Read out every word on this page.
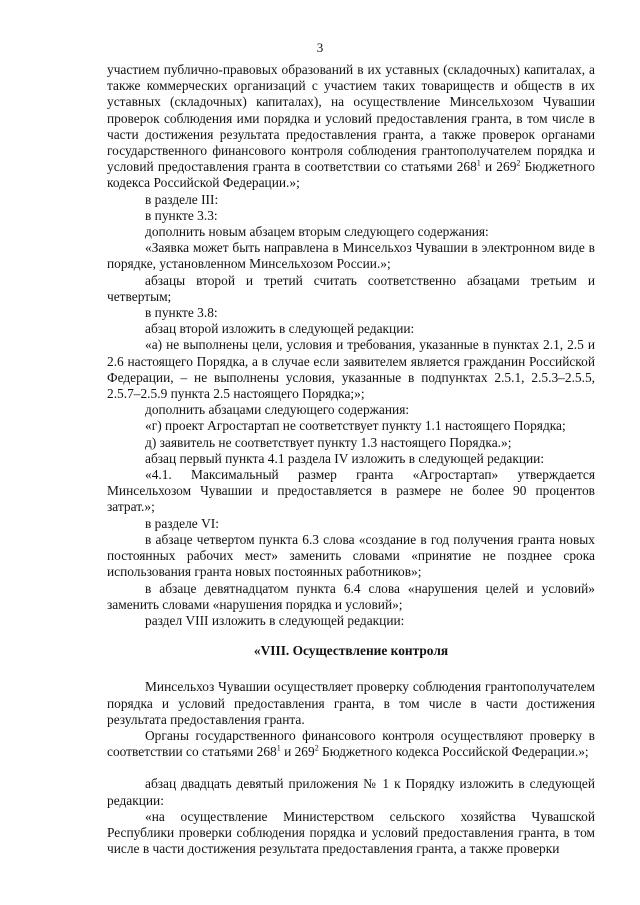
3

участием публично-правовых образований в их уставных (складочных) капиталах, а также коммерческих организаций с участием таких товариществ и обществ в их уставных (складочных) капиталах), на осуществление Минсельхозом Чувашии проверок соблюдения ими порядка и условий предоставления гранта, в том числе в части достижения результата предоставления гранта, а также проверок органами государственного финансового контроля соблюдения грантополучателем порядка и условий предоставления гранта в соответствии со статьями $268^1$ и $269^2$ Бюджетного кодекса Российской Федерации.»;

в разделе III:

в пункте 3.3:

дополнить новым абзацем вторым следующего содержания:

«Заявка может быть направлена в Минсельхоз Чувашии в электронном виде в порядке, установленном Минсельхозом России.»;

абзацы второй и третий считать соответственно абзацами третьим и четвертым;

в пункте 3.8:

абзац второй изложить в следующей редакции:

«а) не выполнены цели, условия и требования, указанные в пунктах 2.1, 2.5 и 2.6 настоящего Порядка, а в случае если заявителем является гражданин Российской Федерации, – не выполнены условия, указанные в подпунктах 2.5.1, 2.5.3–2.5.5, 2.5.7–2.5.9 пункта 2.5 настоящего Порядка;»;

дополнить абзацами следующего содержания:

«г) проект Агростартап не соответствует пункту 1.1 настоящего Порядка;

д) заявитель не соответствует пункту 1.3 настоящего Порядка.»;

абзац первый пункта 4.1 раздела IV изложить в следующей редакции:

«4.1. Максимальный размер гранта «Агростартап» утверждается Минсельхозом Чувашии и предоставляется в размере не более 90 процентов затрат.»;

в разделе VI:

в абзаце четвертом пункта 6.3 слова «создание в год получения гранта новых постоянных рабочих мест» заменить словами «принятие не позднее срока использования гранта новых постоянных работников»;

в абзаце девятнадцатом пункта 6.4 слова «нарушения целей и условий» заменить словами «нарушения порядка и условий»;

раздел VIII изложить в следующей редакции:

«VIII. Осуществление контроля

Минсельхоз Чувашии осуществляет проверку соблюдения грантополучателем порядка и условий предоставления гранта, в том числе в части достижения результата предоставления гранта.

Органы государственного финансового контроля осуществляют проверку в соответствии со статьями $268^1$ и $269^2$ Бюджетного кодекса Российской Федерации.»;

абзац двадцать девятый приложения № 1 к Порядку изложить в следующей редакции:

«на осуществление Министерством сельского хозяйства Чувашской Республики проверки соблюдения порядка и условий предоставления гранта, в том числе в части достижения результата предоставления гранта, а также проверки
